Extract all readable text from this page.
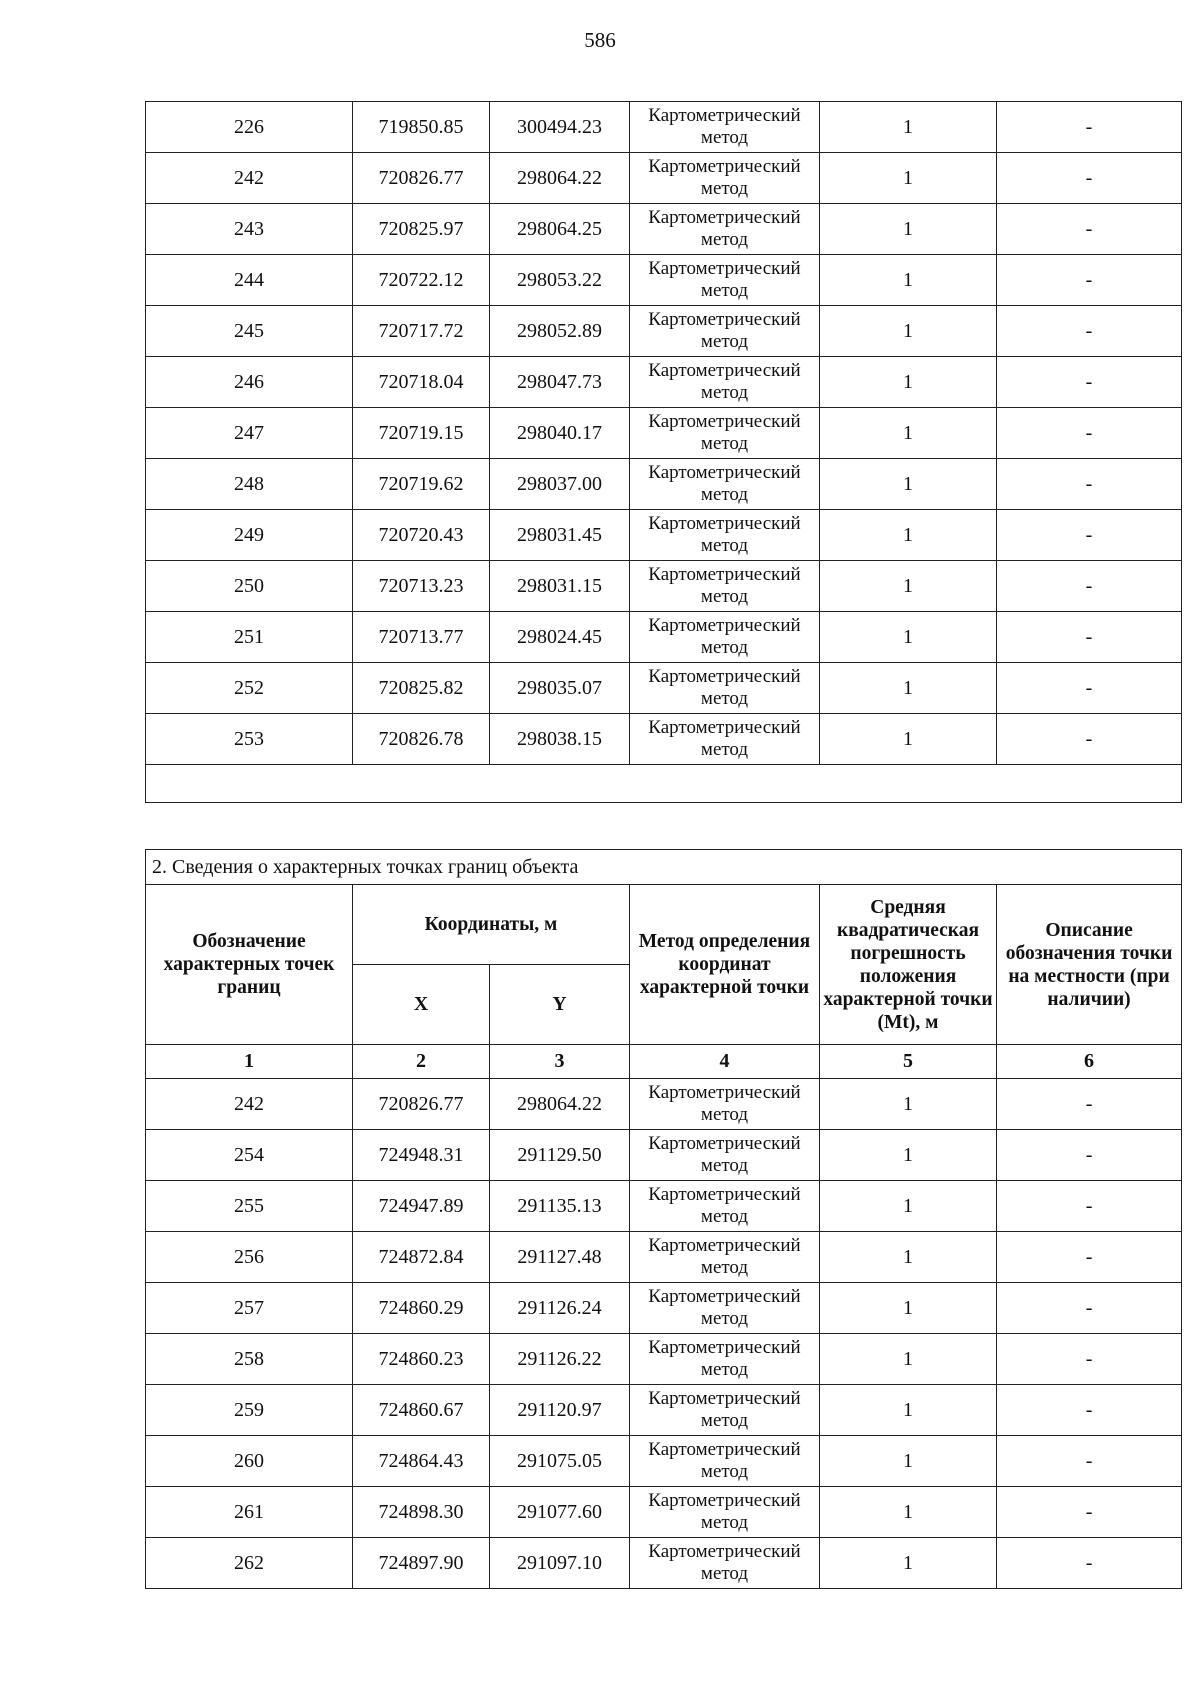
586
226	719850.85	300494.23	Картометрический метод	1	-
242	720826.77	298064.22	Картометрический метод	1	-
243	720825.97	298064.25	Картометрический метод	1	-
244	720722.12	298053.22	Картометрический метод	1	-
245	720717.72	298052.89	Картометрический метод	1	-
246	720718.04	298047.73	Картометрический метод	1	-
247	720719.15	298040.17	Картометрический метод	1	-
248	720719.62	298037.00	Картометрический метод	1	-
249	720720.43	298031.45	Картометрический метод	1	-
250	720713.23	298031.15	Картометрический метод	1	-
251	720713.77	298024.45	Картометрический метод	1	-
252	720825.82	298035.07	Картометрический метод	1	-
253	720826.78	298038.15	Картометрический метод	1	-

2. Сведения о характерных точках границ объекта					
Обозначение характерных точек границ	Координаты, м		Метод определения координат характерной точки	Средняя квадратическая погрешность положения характерной точки (Mt), м	Описание обозначения точки на местности (при наличии)
	X	Y			
1	2	3	4	5	6
242	720826.77	298064.22	Картометрический метод	1	-
254	724948.31	291129.50	Картометрический метод	1	-
255	724947.89	291135.13	Картометрический метод	1	-
256	724872.84	291127.48	Картометрический метод	1	-
257	724860.29	291126.24	Картометрический метод	1	-
258	724860.23	291126.22	Картометрический метод	1	-
259	724860.67	291120.97	Картометрический метод	1	-
260	724864.43	291075.05	Картометрический метод	1	-
261	724898.30	291077.60	Картометрический метод	1	-
262	724897.90	291097.10	Картометрический метод	1	-
